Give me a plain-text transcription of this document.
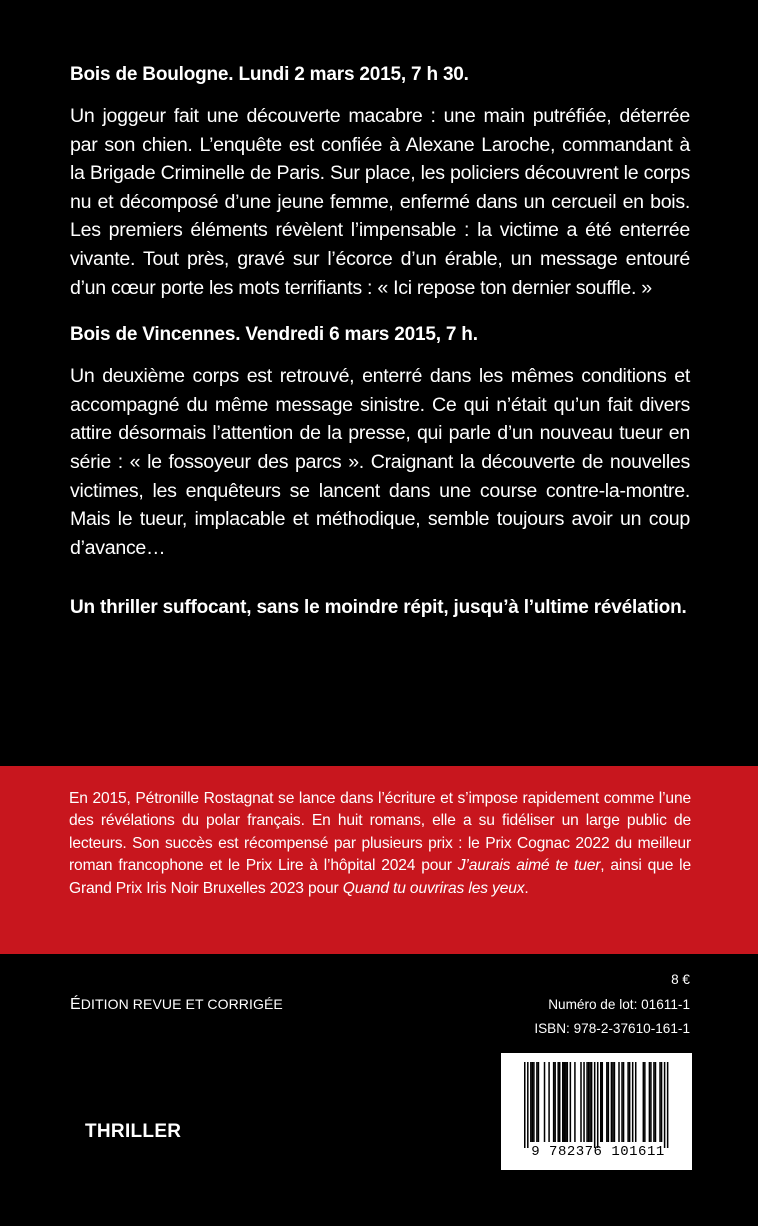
Bois de Boulogne. Lundi 2 mars 2015, 7 h 30.

Un joggeur fait une découverte macabre : une main putréfiée, déterrée par son chien. L’enquête est confiée à Alexane Laroche, commandant à la Brigade Criminelle de Paris. Sur place, les policiers découvrent le corps nu et décomposé d’une jeune femme, enfermé dans un cercueil en bois. Les premiers éléments révèlent l’impensable : la victime a été enterrée vivante. Tout près, gravé sur l’écorce d’un érable, un message entouré d’un cœur porte les mots terrifiants : « Ici repose ton dernier souffle. »

Bois de Vincennes. Vendredi 6 mars 2015, 7 h.

Un deuxième corps est retrouvé, enterré dans les mêmes conditions et accompagné du même message sinistre. Ce qui n’était qu’un fait divers attire désormais l’attention de la presse, qui parle d’un nouveau tueur en série : « le fossoyeur des parcs ». Craignant la découverte de nouvelles victimes, les enquêteurs se lancent dans une course contre-la-montre. Mais le tueur, implacable et méthodique, semble toujours avoir un coup d’avance…

Un thriller suffocant, sans le moindre répit, jusqu’à l’ultime révélation.

En 2015, Pétronille Rostagnat se lance dans l’écriture et s’impose rapidement comme l’une des révélations du polar français. En huit romans, elle a su fidéliser un large public de lecteurs. Son succès est récompensé par plusieurs prix : le Prix Cognac 2022 du meilleur roman francophone et le Prix Lire à l’hôpital 2024 pour J’aurais aimé te tuer, ainsi que le Grand Prix Iris Noir Bruxelles 2023 pour Quand tu ouvriras les yeux.

ÉDITION REVUE ET CORRIGÉE
THRILLER
8 €
Numéro de lot: 01611-1
ISBN: 978-2-37610-161-1
9 782376 101611
